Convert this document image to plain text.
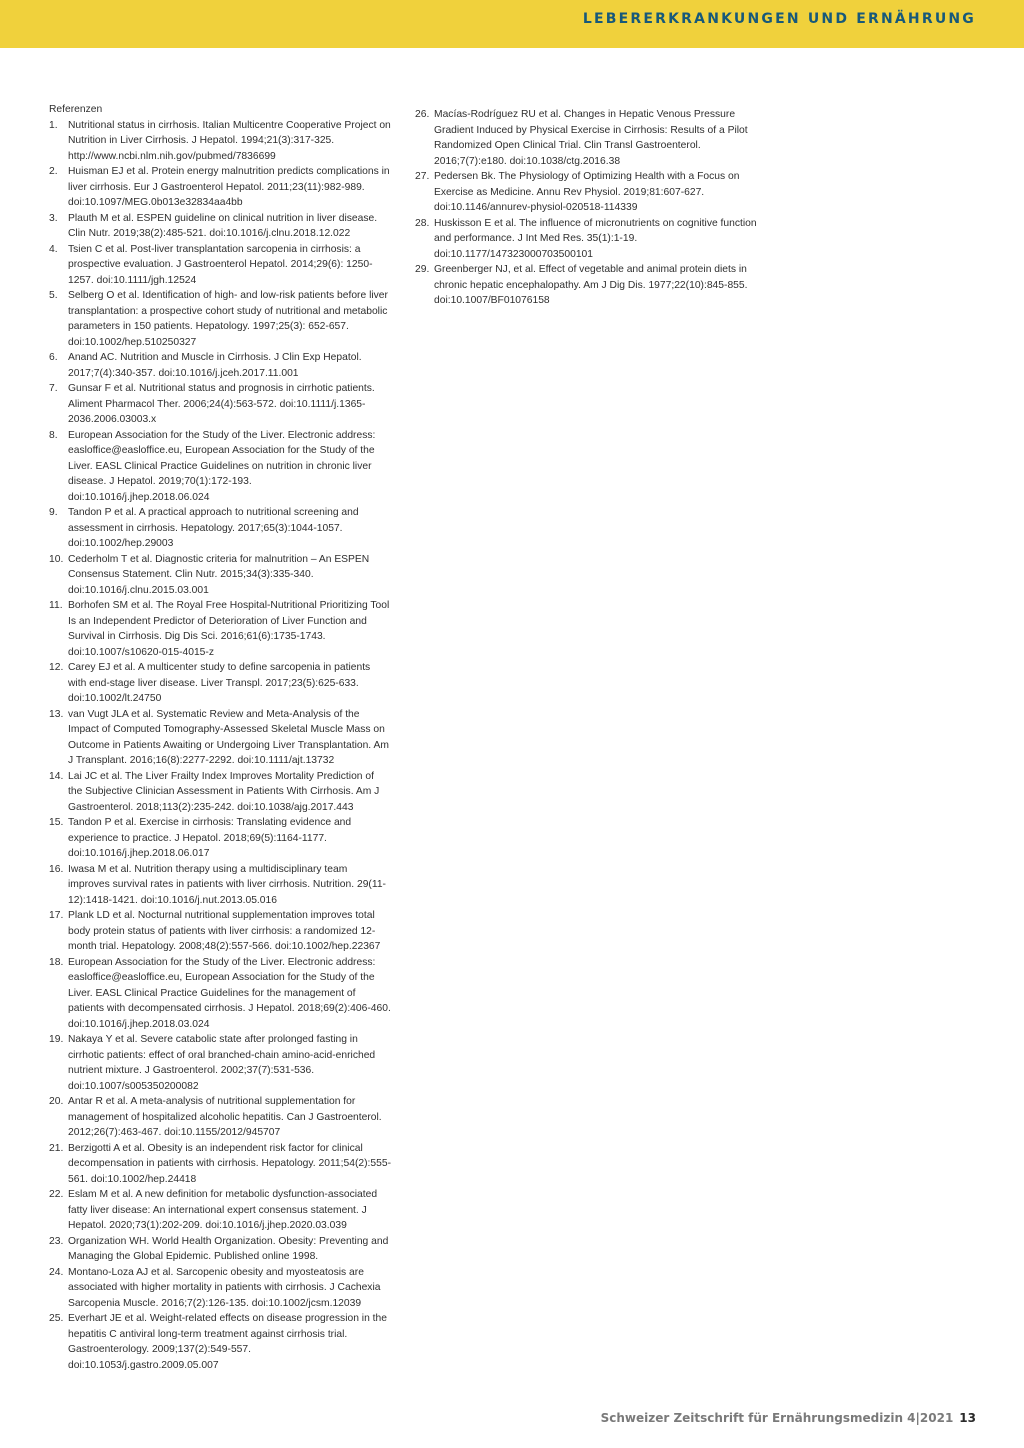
LEBERERKRANKUNGEN UND ERNÄHRUNG
Referenzen
1. Nutritional status in cirrhosis. Italian Multicentre Cooperative Project on Nutrition in Liver Cirrhosis. J Hepatol. 1994;21(3):317-325. http://www.ncbi.nlm.nih.gov/pubmed/7836699
2. Huisman EJ et al. Protein energy malnutrition predicts complications in liver cirrhosis. Eur J Gastroenterol Hepatol. 2011;23(11):982-989. doi:10.1097/MEG.0b013e32834aa4bb
3. Plauth M et al. ESPEN guideline on clinical nutrition in liver disease. Clin Nutr. 2019;38(2):485-521. doi:10.1016/j.clnu.2018.12.022
4. Tsien C et al. Post-liver transplantation sarcopenia in cirrhosis: a prospective evaluation. J Gastroenterol Hepatol. 2014;29(6): 1250-1257. doi:10.1111/jgh.12524
5. Selberg O et al. Identification of high- and low-risk patients before liver transplantation: a prospective cohort study of nutritional and metabolic parameters in 150 patients. Hepatology. 1997;25(3): 652-657. doi:10.1002/hep.510250327
6. Anand AC. Nutrition and Muscle in Cirrhosis. J Clin Exp Hepatol. 2017;7(4):340-357. doi:10.1016/j.jceh.2017.11.001
7. Gunsar F et al. Nutritional status and prognosis in cirrhotic patients. Aliment Pharmacol Ther. 2006;24(4):563-572. doi:10.1111/j.1365-2036.2006.03003.x
8. European Association for the Study of the Liver. Electronic address: easloffice@easloffice.eu, European Association for the Study of the Liver. EASL Clinical Practice Guidelines on nutrition in chronic liver disease. J Hepatol. 2019;70(1):172-193. doi:10.1016/j.jhep.2018.06.024
9. Tandon P et al. A practical approach to nutritional screening and assessment in cirrhosis. Hepatology. 2017;65(3):1044-1057. doi:10.1002/hep.29003
10. Cederholm T et al. Diagnostic criteria for malnutrition – An ESPEN Consensus Statement. Clin Nutr. 2015;34(3):335-340. doi:10.1016/j.clnu.2015.03.001
11. Borhofen SM et al. The Royal Free Hospital-Nutritional Prioritizing Tool Is an Independent Predictor of Deterioration of Liver Function and Survival in Cirrhosis. Dig Dis Sci. 2016;61(6):1735-1743. doi:10.1007/s10620-015-4015-z
12. Carey EJ et al. A multicenter study to define sarcopenia in patients with end-stage liver disease. Liver Transpl. 2017;23(5):625-633. doi:10.1002/lt.24750
13. van Vugt JLA et al. Systematic Review and Meta-Analysis of the Impact of Computed Tomography-Assessed Skeletal Muscle Mass on Outcome in Patients Awaiting or Undergoing Liver Transplantation. Am J Transplant. 2016;16(8):2277-2292. doi:10.1111/ajt.13732
14. Lai JC et al. The Liver Frailty Index Improves Mortality Prediction of the Subjective Clinician Assessment in Patients With Cirrhosis. Am J Gastroenterol. 2018;113(2):235-242. doi:10.1038/ajg.2017.443
15. Tandon P et al. Exercise in cirrhosis: Translating evidence and experience to practice. J Hepatol. 2018;69(5):1164-1177. doi:10.1016/j.jhep.2018.06.017
16. Iwasa M et al. Nutrition therapy using a multidisciplinary team improves survival rates in patients with liver cirrhosis. Nutrition. 29(11-12):1418-1421. doi:10.1016/j.nut.2013.05.016
17. Plank LD et al. Nocturnal nutritional supplementation improves total body protein status of patients with liver cirrhosis: a randomized 12-month trial. Hepatology. 2008;48(2):557-566. doi:10.1002/hep.22367
18. European Association for the Study of the Liver. Electronic address: easloffice@easloffice.eu, European Association for the Study of the Liver. EASL Clinical Practice Guidelines for the management of patients with decompensated cirrhosis. J Hepatol. 2018;69(2):406-460. doi:10.1016/j.jhep.2018.03.024
19. Nakaya Y et al. Severe catabolic state after prolonged fasting in cirrhotic patients: effect of oral branched-chain amino-acid-enriched nutrient mixture. J Gastroenterol. 2002;37(7):531-536. doi:10.1007/s005350200082
20. Antar R et al. A meta-analysis of nutritional supplementation for management of hospitalized alcoholic hepatitis. Can J Gastroenterol. 2012;26(7):463-467. doi:10.1155/2012/945707
21. Berzigotti A et al. Obesity is an independent risk factor for clinical decompensation in patients with cirrhosis. Hepatology. 2011;54(2):555-561. doi:10.1002/hep.24418
22. Eslam M et al. A new definition for metabolic dysfunction-associated fatty liver disease: An international expert consensus statement. J Hepatol. 2020;73(1):202-209. doi:10.1016/j.jhep.2020.03.039
23. Organization WH. World Health Organization. Obesity: Preventing and Managing the Global Epidemic. Published online 1998.
24. Montano-Loza AJ et al. Sarcopenic obesity and myosteatosis are associated with higher mortality in patients with cirrhosis. J Cachexia Sarcopenia Muscle. 2016;7(2):126-135. doi:10.1002/jcsm.12039
25. Everhart JE et al. Weight-related effects on disease progression in the hepatitis C antiviral long-term treatment against cirrhosis trial. Gastroenterology. 2009;137(2):549-557. doi:10.1053/j.gastro.2009.05.007
26. Macías-Rodríguez RU et al. Changes in Hepatic Venous Pressure Gradient Induced by Physical Exercise in Cirrhosis: Results of a Pilot Randomized Open Clinical Trial. Clin Transl Gastroenterol. 2016;7(7):e180. doi:10.1038/ctg.2016.38
27. Pedersen Bk. The Physiology of Optimizing Health with a Focus on Exercise as Medicine. Annu Rev Physiol. 2019;81:607-627. doi:10.1146/annurev-physiol-020518-114339
28. Huskisson E et al. The influence of micronutrients on cognitive function and performance. J Int Med Res. 35(1):1-19. doi:10.1177/147323000703500101
29. Greenberger NJ, et al. Effect of vegetable and animal protein diets in chronic hepatic encephalopathy. Am J Dig Dis. 1977;22(10):845-855. doi:10.1007/BF01076158
Schweizer Zeitschrift für Ernährungsmedizin 4|2021 13
